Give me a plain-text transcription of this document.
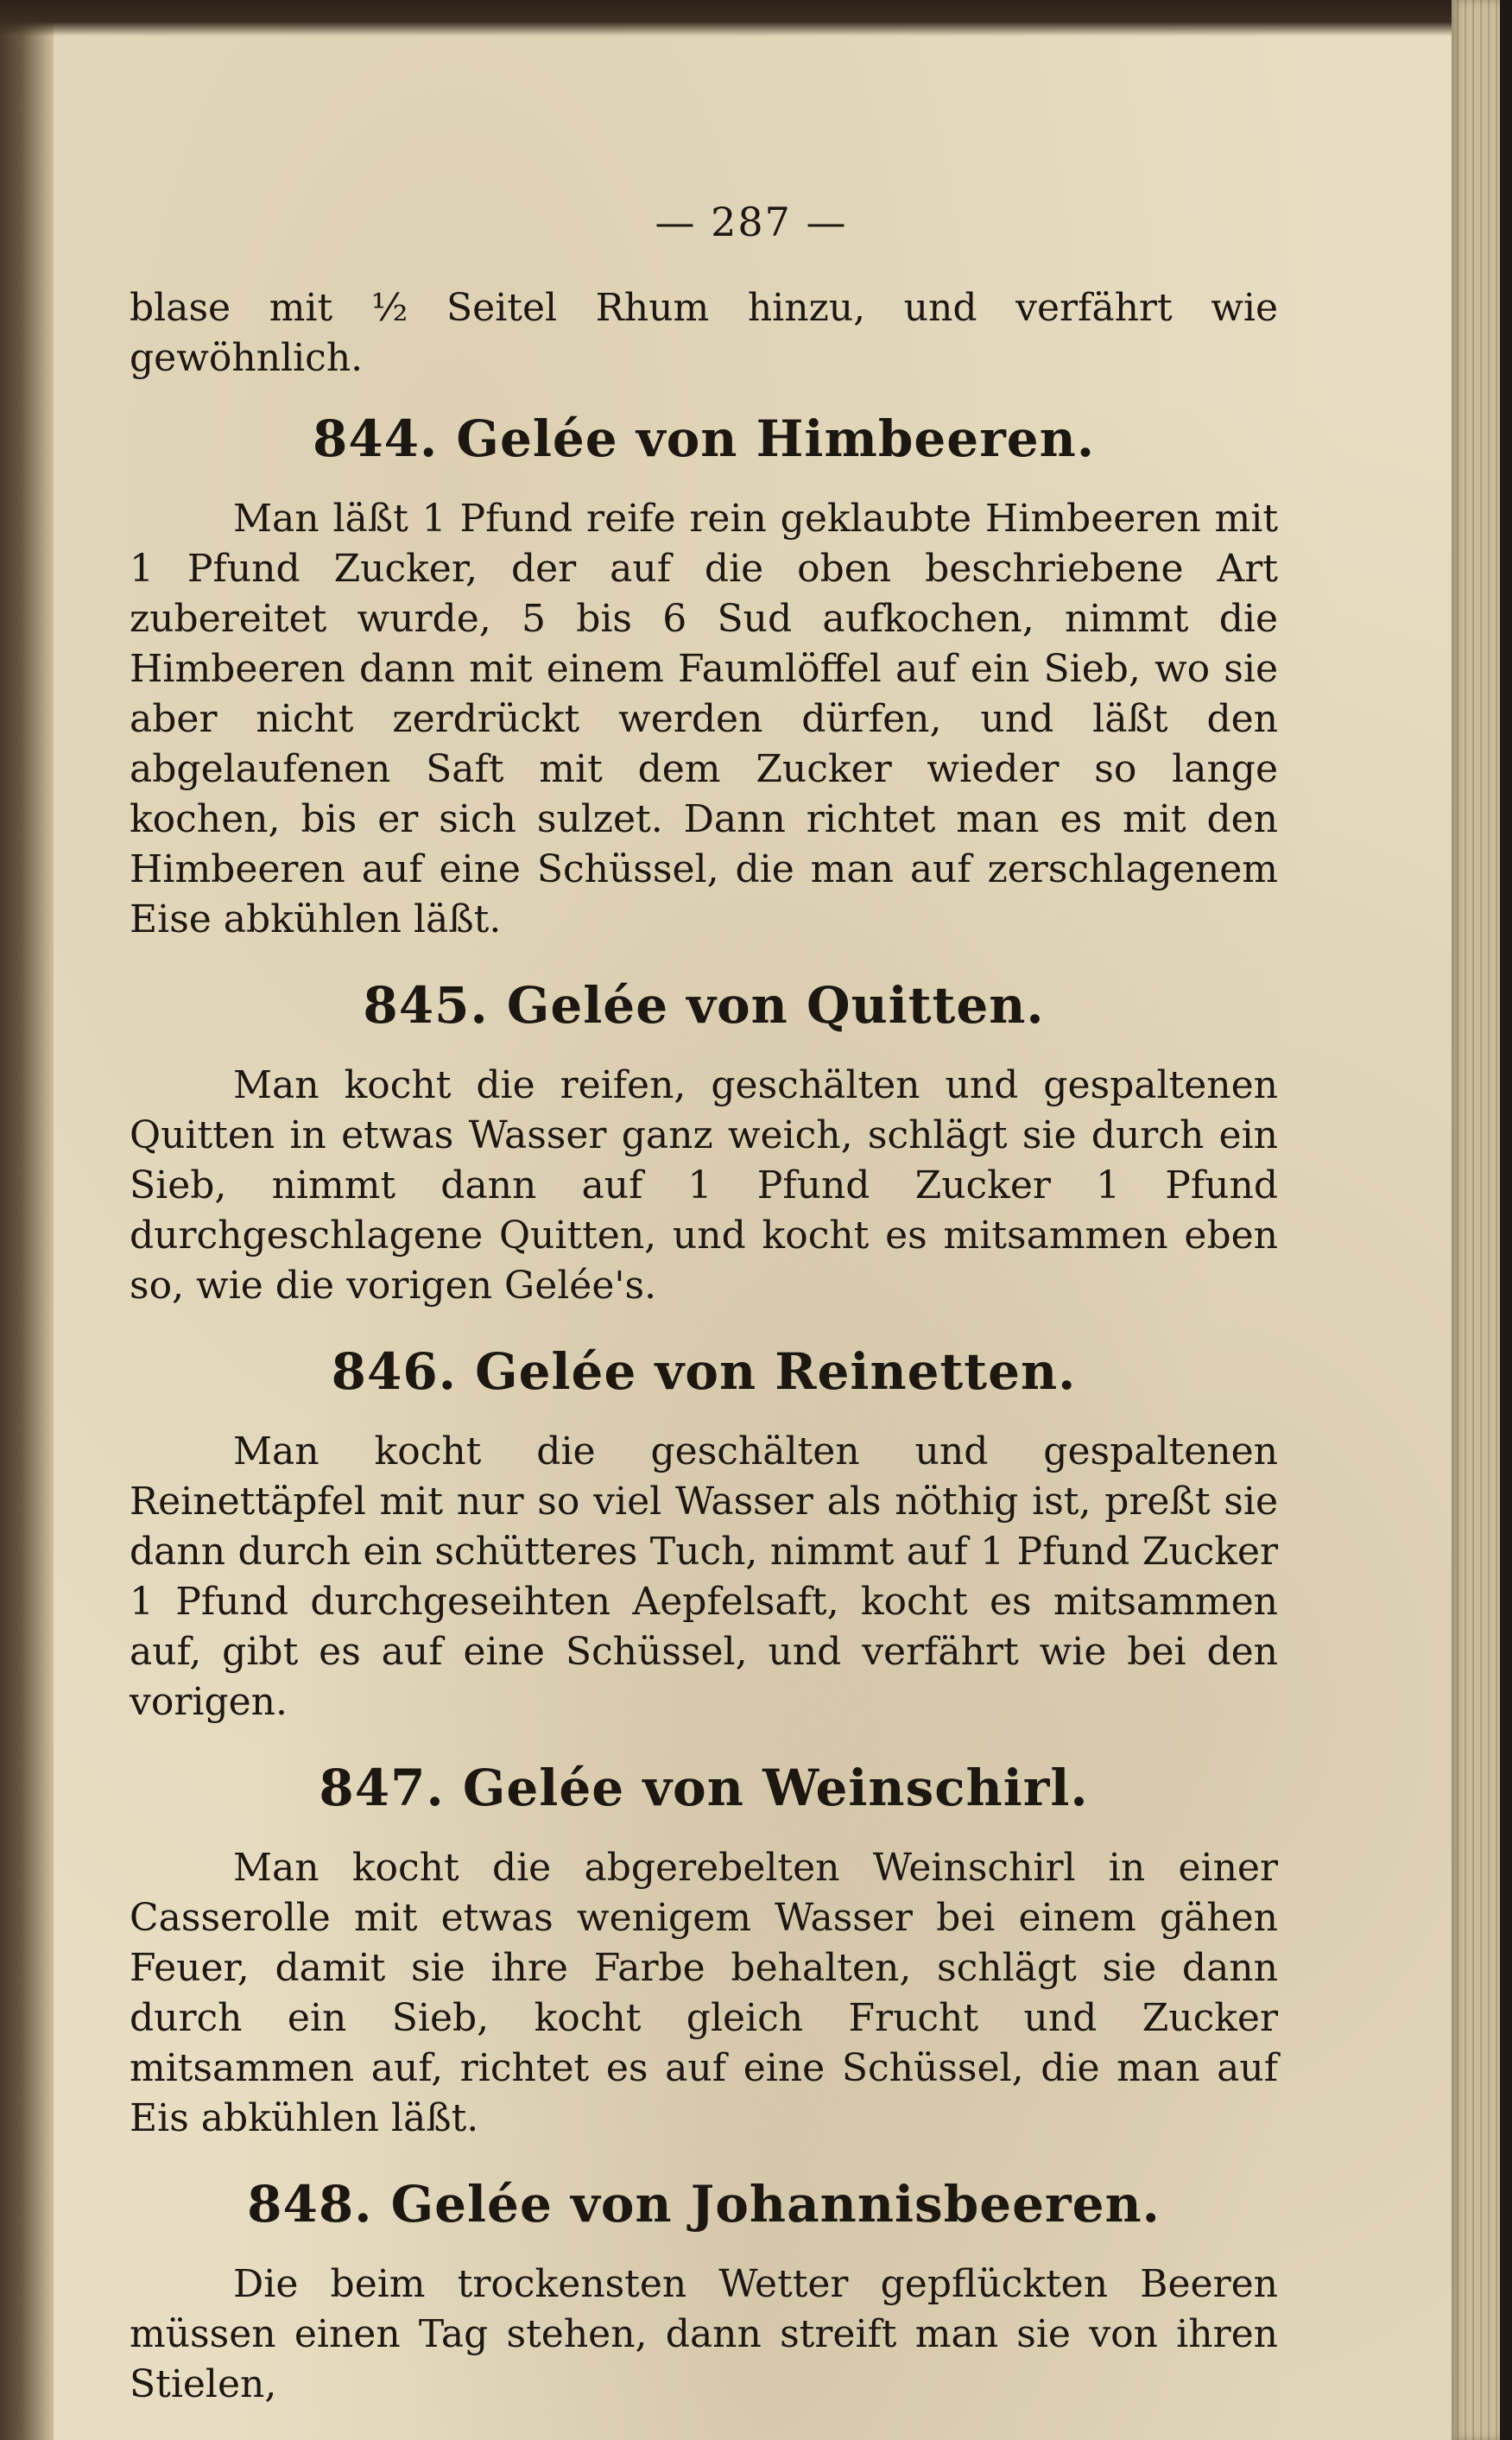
— 287 —

blase mit ½ Seitel Rhum hinzu, und verfährt wie gewöhnlich.

844. Gelée von Himbeeren.

Man läßt 1 Pfund reife rein geklaubte Himbeeren mit 1 Pfund Zucker, der auf die oben beschriebene Art zubereitet wurde, 5 bis 6 Sud aufkochen, nimmt die Himbeeren dann mit einem Faumlöffel auf ein Sieb, wo sie aber nicht zerdrückt werden dürfen, und läßt den abgelaufenen Saft mit dem Zucker wieder so lange kochen, bis er sich sulzet. Dann richtet man es mit den Himbeeren auf eine Schüssel, die man auf zerschlagenem Eise abkühlen läßt.

845. Gelée von Quitten.

Man kocht die reifen, geschälten und gespaltenen Quitten in etwas Wasser ganz weich, schlägt sie durch ein Sieb, nimmt dann auf 1 Pfund Zucker 1 Pfund durchgeschlagene Quitten, und kocht es mitsammen eben so, wie die vorigen Gelée's.

846. Gelée von Reinetten.

Man kocht die geschälten und gespaltenen Reinettäpfel mit nur so viel Wasser als nöthig ist, preßt sie dann durch ein schütteres Tuch, nimmt auf 1 Pfund Zucker 1 Pfund durchgeseihten Aepfelsaft, kocht es mitsammen auf, gibt es auf eine Schüssel, und verfährt wie bei den vorigen.

847. Gelée von Weinschirl.

Man kocht die abgerebelten Weinschirl in einer Casserolle mit etwas wenigem Wasser bei einem gähen Feuer, damit sie ihre Farbe behalten, schlägt sie dann durch ein Sieb, kocht gleich Frucht und Zucker mitsammen auf, richtet es auf eine Schüssel, die man auf Eis abkühlen läßt.

848. Gelée von Johannisbeeren.

Die beim trockensten Wetter gepflückten Beeren müssen einen Tag stehen, dann streift man sie von ihren Stielen,
